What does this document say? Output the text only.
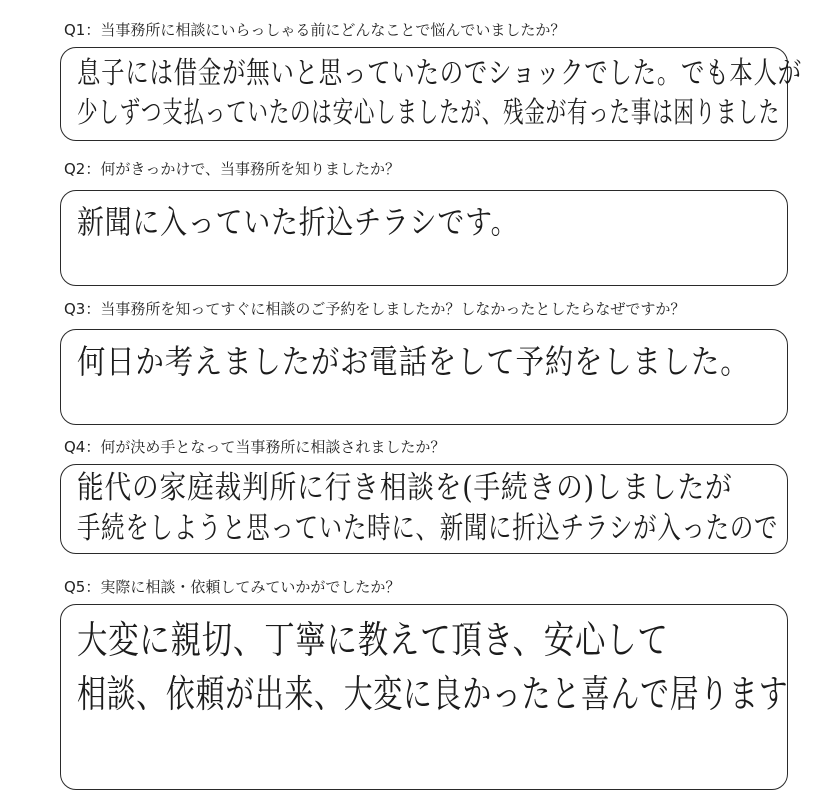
Q1：当事務所に相談にいらっしゃる前にどんなことで悩んでいましたか？
息子には借金が無いと思っていたのでショックでした。でも本人が
少しずつ支払っていたのは安心しましたが、残金が有った事は困りました
Q2：何がきっかけで、当事務所を知りましたか？
新聞に入っていた折込チラシです。
Q3：当事務所を知ってすぐに相談のご予約をしましたか？しなかったとしたらなぜですか？
何日か考えましたがお電話をして予約をしました。
Q4：何が決め手となって当事務所に相談されましたか？
能代の家庭裁判所に行き相談を(手続きの)しましたが
手続をしようと思っていた時に、新聞に折込チラシが入ったので
Q5：実際に相談・依頼してみていかがでしたか？
大変に親切、丁寧に教えて頂き、安心して
相談、依頼が出来、大変に良かったと喜んで居ります
